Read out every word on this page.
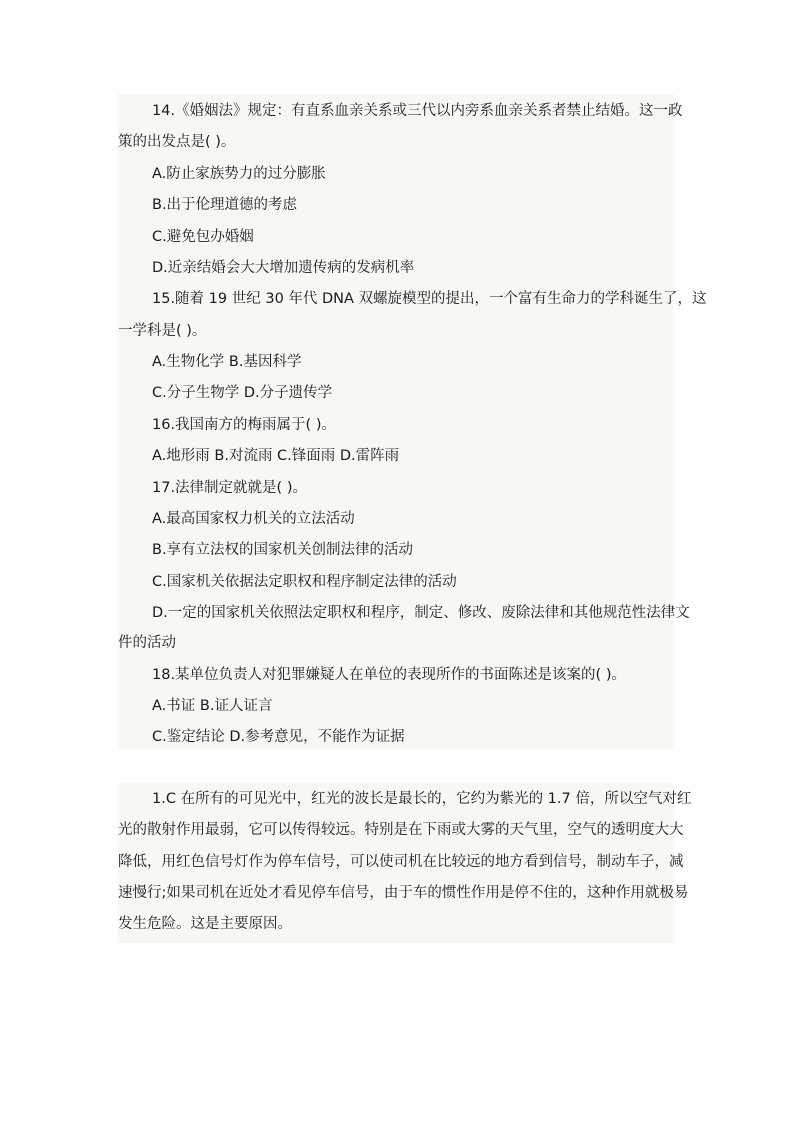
14.《婚姻法》规定：有直系血亲关系或三代以内旁系血亲关系者禁止结婚。这一政
策的出发点是( )。
A.防止家族势力的过分膨胀
B.出于伦理道德的考虑
C.避免包办婚姻
D.近亲结婚会大大增加遗传病的发病机率
15.随着 19 世纪 30 年代 DNA 双螺旋模型的提出，一个富有生命力的学科诞生了，这
一学科是( )。
A.生物化学 B.基因科学
C.分子生物学 D.分子遗传学
16.我国南方的梅雨属于( )。
A.地形雨 B.对流雨 C.锋面雨 D.雷阵雨
17.法律制定就就是( )。
A.最高国家权力机关的立法活动
B.享有立法权的国家机关创制法律的活动
C.国家机关依据法定职权和程序制定法律的活动
D.一定的国家机关依照法定职权和程序，制定、修改、废除法律和其他规范性法律文
件的活动
18.某单位负责人对犯罪嫌疑人在单位的表现所作的书面陈述是该案的( )。
A.书证 B.证人证言
C.鉴定结论 D.参考意见，不能作为证据
1.C 在所有的可见光中，红光的波长是最长的，它约为紫光的 1.7 倍，所以空气对红
光的散射作用最弱，它可以传得较远。特别是在下雨或大雾的天气里，空气的透明度大大
降低，用红色信号灯作为停车信号，可以使司机在比较远的地方看到信号，制动车子，减
速慢行;如果司机在近处才看见停车信号，由于车的惯性作用是停不住的，这种作用就极易
发生危险。这是主要原因。
